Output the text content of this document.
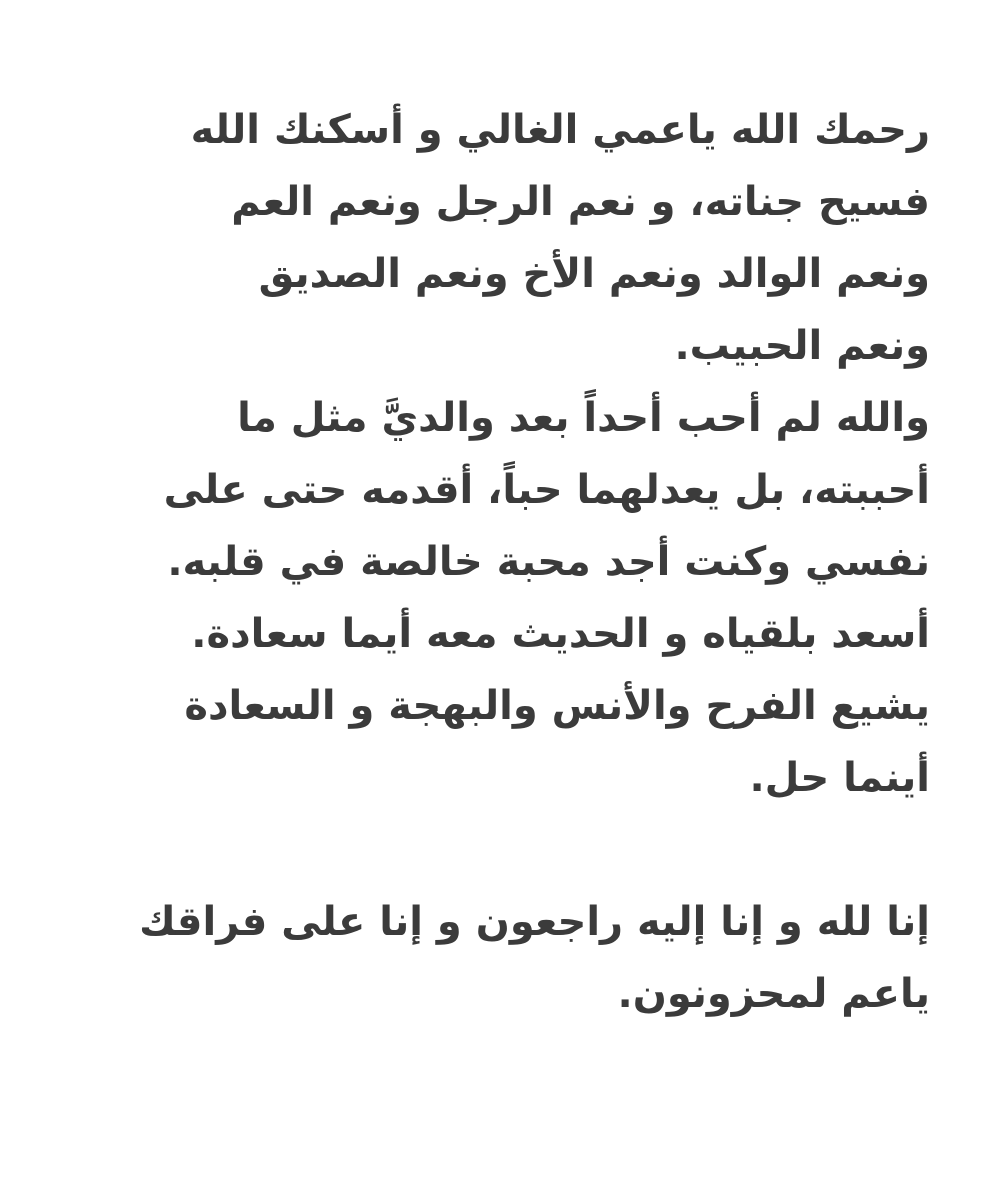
رحمك الله ياعمي الغالي و أسكنك الله
فسيح جناته، و نعم الرجل ونعم العم
ونعم الوالد ونعم الأخ ونعم الصديق
ونعم الحبيب.
والله لم أحب أحداً بعد والديَّ مثل ما
أحببته، بل يعدلهما حباً، أقدمه حتى على
نفسي وكنت أجد محبة خالصة في قلبه.
أسعد بلقياه و الحديث معه أيما سعادة.
يشيع الفرح والأنس والبهجة و السعادة
أينما حل.
إنا لله و إنا إليه راجعون و إنا على فراقك
ياعم لمحزونون.
